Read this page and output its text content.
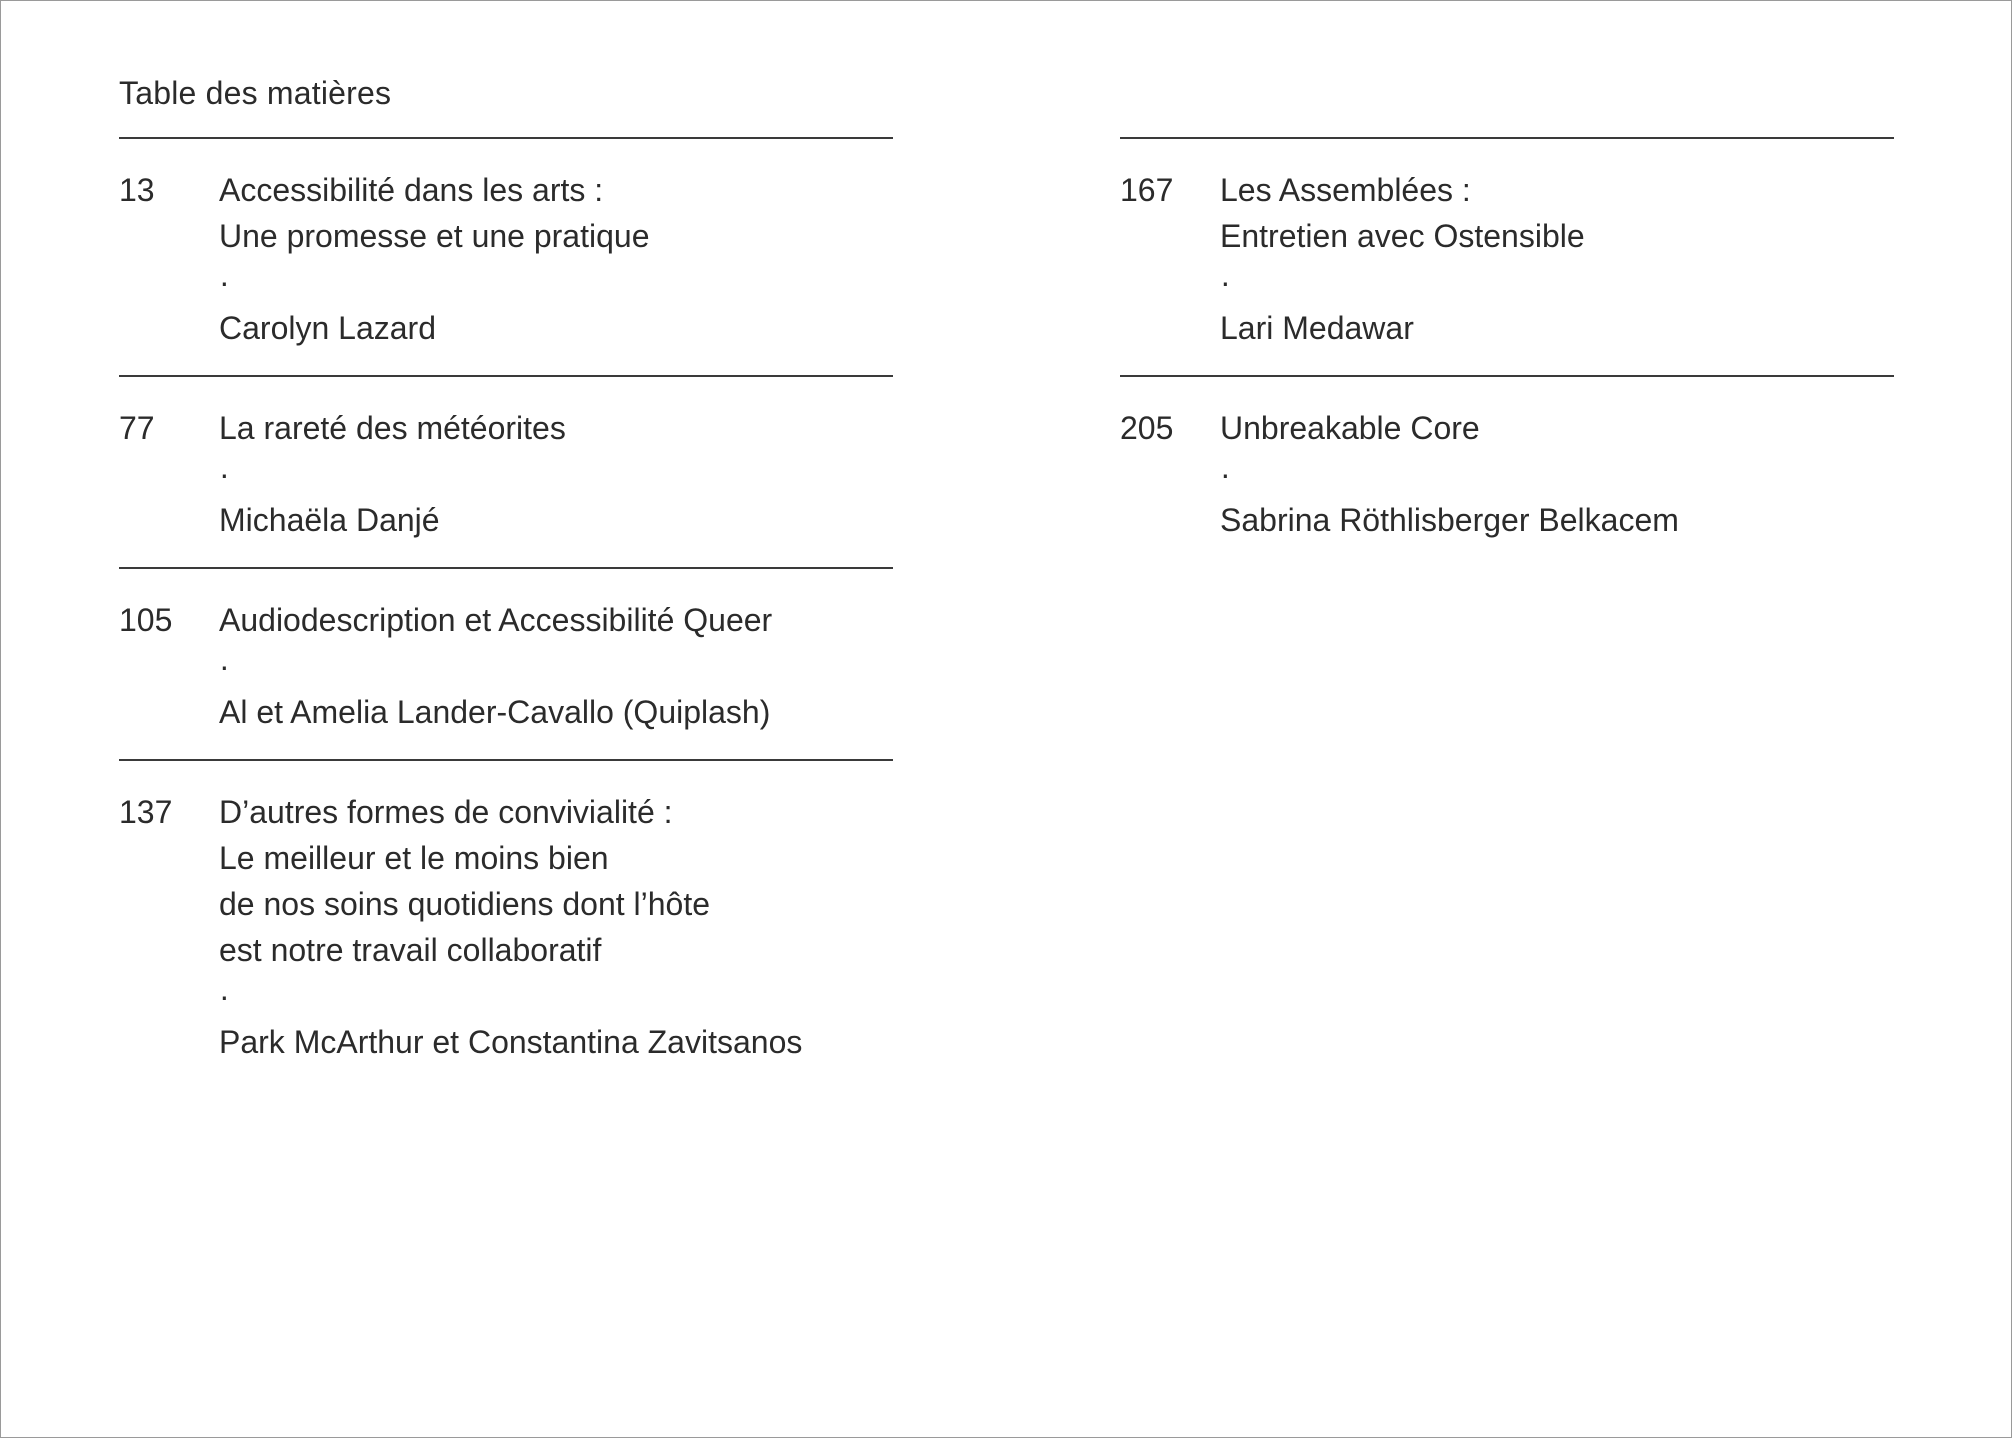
Table des matières
13	Accessibilité dans les arts :
Une promesse et une pratique
·
Carolyn Lazard
77	La rareté des météorites
·
Michaëla Danjé
105	Audiodescription et Accessibilité Queer
·
Al et Amelia Lander-Cavallo (Quiplash)
137	D’autres formes de convivialité :
Le meilleur et le moins bien
de nos soins quotidiens dont l’hôte
est notre travail collaboratif
·
Park McArthur et Constantina Zavitsanos
167	Les Assemblées :
Entretien avec Ostensible
·
Lari Medawar
205	Unbreakable Core
·
Sabrina Röthlisberger Belkacem
